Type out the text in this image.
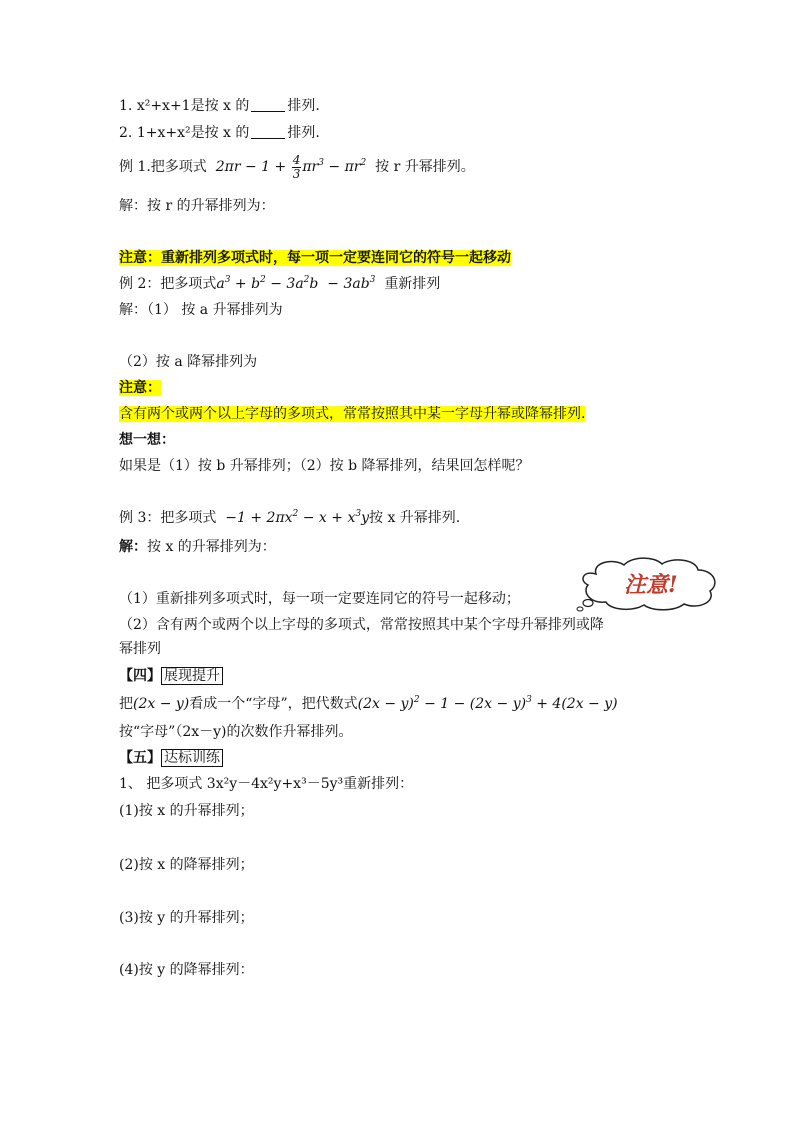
1. x²+x+1是按 x 的	排列.
2. 1+x+x²是按 x 的	排列.
例 1.把多项式  $2\pi r - 1 + \frac{4}{3} \pi r^3 - \pi r^2$ 按 r 升幂排列。
解：按 r 的升幂排列为：
注意：重新排列多项式时，每一项一定要连同它的符号一起移动
例 2：把多项式$a^3 + b^2 - 3a^2b - 3ab^3$ 重新排列
解：（1） 按 a 升幂排列为
（2）按 a 降幂排列为
注意：
含有两个或两个以上字母的多项式，常常按照其中某一字母升幂或降幂排列.
想一想：
如果是（1）按 b 升幂排列；（2）按 b 降幂排列，结果回怎样呢？
例 3：把多项式  $-1 + 2\pi x^2 - x + x^3y$按 x 升幂排列.
解：按 x 的升幂排列为：
（1）重新排列多项式时，每一项一定要连同它的符号一起移动；
（2）含有两个或两个以上字母的多项式，常常按照其中某个字母升幂排列或降
幂排列
【四】 展现提升
把(2x − y)看成一个“字母”，把代数式$(2x - y)^2 - 1 - (2x - y)^3 + 4(2x - y)$
按“字母”（2x－y)的次数作升幂排列。
【五】 达标训练
1、 把多项式 3x²y－4x²y+x³－5y³重新排列：
(1)按 x 的升幂排列；
(2)按 x 的降幂排列；
(3)按 y 的升幂排列；
(4)按 y 的降幂排列：
注意!
